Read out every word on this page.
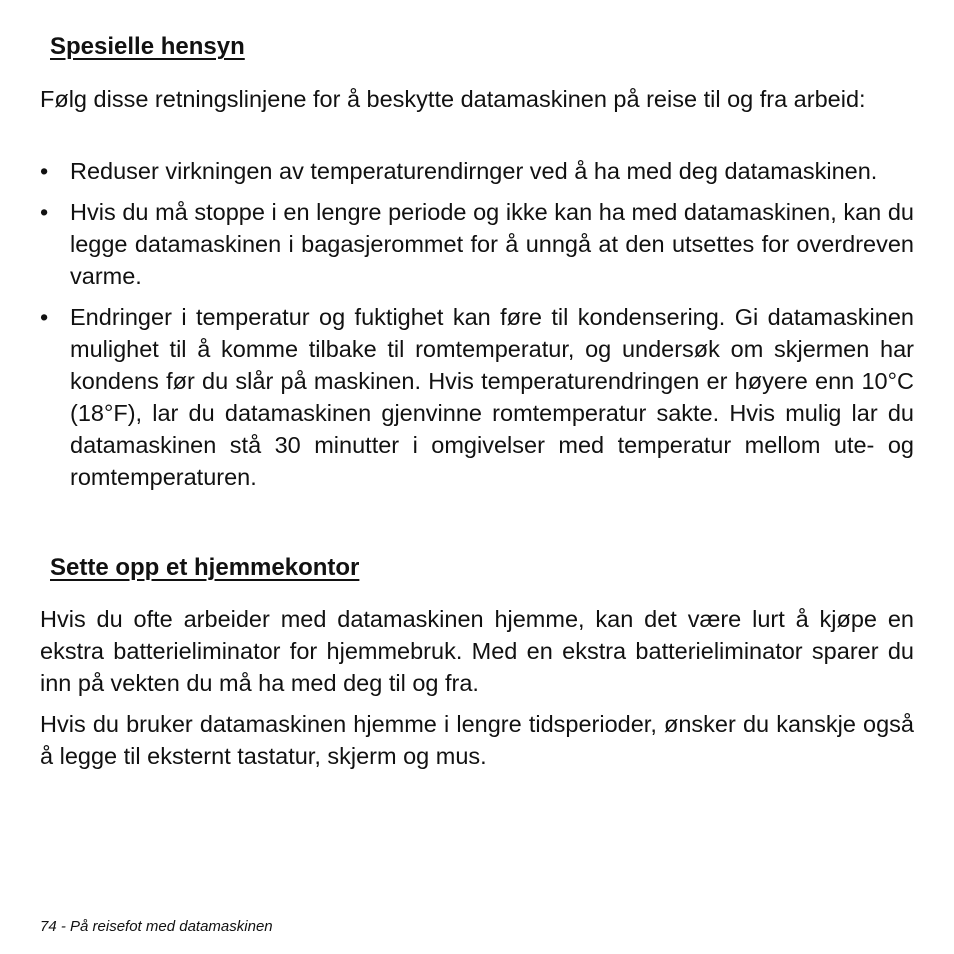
Spesielle hensyn

Følg disse retningslinjene for å beskytte datamaskinen på reise til og fra arbeid:

• Reduser virkningen av temperaturendirnger ved å ha med deg datamaskinen.
• Hvis du må stoppe i en lengre periode og ikke kan ha med datamaskinen, kan du legge datamaskinen i bagasjerommet for å unngå at den utsettes for overdreven varme.
• Endringer i temperatur og fuktighet kan føre til kondensering. Gi datamaskinen mulighet til å komme tilbake til romtemperatur, og undersøk om skjermen har kondens før du slår på maskinen. Hvis temperaturendringen er høyere enn 10°C (18°F), lar du datamaskinen gjenvinne romtemperatur sakte. Hvis mulig lar du datamaskinen stå 30 minutter i omgivelser med temperatur mellom ute- og romtemperaturen.
Sette opp et hjemmekontor

Hvis du ofte arbeider med datamaskinen hjemme, kan det være lurt å kjøpe en ekstra batterieliminator for hjemmebruk. Med en ekstra batterieliminator sparer du inn på vekten du må ha med deg til og fra.

Hvis du bruker datamaskinen hjemme i lengre tidsperioder, ønsker du kanskje også å legge til eksternt tastatur, skjerm og mus.

74 - På reisefot med datamaskinen
